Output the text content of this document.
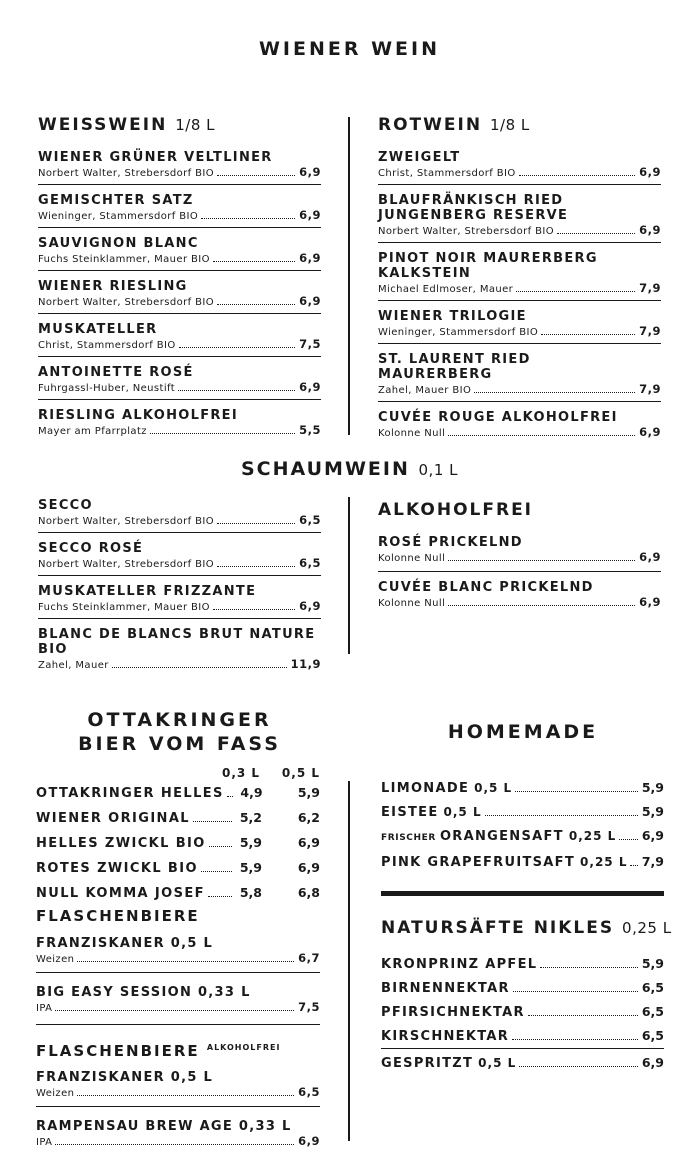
WIENER WEIN
WEISSWEIN 1/8 L
WIENER GRÜNER VELTLINER
Norbert Walter, Strebersdorf BIO	6,9
GEMISCHTER SATZ
Wieninger, Stammersdorf BIO	6,9
SAUVIGNON BLANC
Fuchs Steinklammer, Mauer BIO	6,9
WIENER RIESLING
Norbert Walter, Strebersdorf BIO	6,9
MUSKATELLER
Christ, Stammersdorf BIO	7,5
ANTOINETTE ROSÉ
Fuhrgassl-Huber, Neustift	6,9
RIESLING ALKOHOLFREI
Mayer am Pfarrplatz	5,5
ROTWEIN 1/8 L
ZWEIGELT
Christ, Stammersdorf BIO	6,9
BLAUFRÄNKISCH RIED JUNGENBERG RESERVE
Norbert Walter, Strebersdorf BIO	6,9
PINOT NOIR MAURERBERG KALKSTEIN
Michael Edlmoser, Mauer	7,9
WIENER TRILOGIE
Wieninger, Stammersdorf BIO	7,9
ST. LAURENT RIED MAURERBERG
Zahel, Mauer BIO	7,9
CUVÉE ROUGE ALKOHOLFREI
Kolonne Null	6,9
SCHAUMWEIN 0,1 L
SECCO
Norbert Walter, Strebersdorf BIO	6,5
SECCO ROSÉ
Norbert Walter, Strebersdorf BIO	6,5
MUSKATELLER FRIZZANTE
Fuchs Steinklammer, Mauer BIO	6,9
BLANC DE BLANCS BRUT NATURE BIO
Zahel, Mauer	11,9
ALKOHOLFREI
ROSÉ PRICKELND
Kolonne Null	6,9
CUVÉE BLANC PRICKELND
Kolonne Null	6,9
OTTAKRINGER
BIER VOM FASS
0,3 L 0,5 L
OTTAKRINGER HELLES 4,9	5,9
WIENER ORIGINAL	5,2	6,2
HELLES ZWICKL BIO	5,9	6,9
ROTES ZWICKL BIO	5,9	6,9
NULL KOMMA JOSEF	5,8	6,8
FLASCHENBIERE
FRANZISKANER 0,5 L
Weizen	6,7
BIG EASY SESSION 0,33 L
IPA	7,5
FLASCHENBIERE $^{ALKOHOLFREI}$
FRANZISKANER 0,5 L
Weizen	6,5
RAMPENSAU BREW AGE 0,33 L
IPA	6,9
HOMEMADE
LIMONADE 0,5 L	5,9
EISTEE 0,5 L	5,9
FRISCHER ORANGENSAFT 0,25 L 6,9
PINK GRAPEFRUITSAFT 0,25 L 7,9
NATURSÄFTE NIKLES 0,25 L
KRONPRINZ APFEL	5,9
BIRNENNEKTAR	6,5
PFIRSICHNEKTAR	6,5
KIRSCHNEKTAR	6,5
GESPRITZT 0,5 L	6,9
